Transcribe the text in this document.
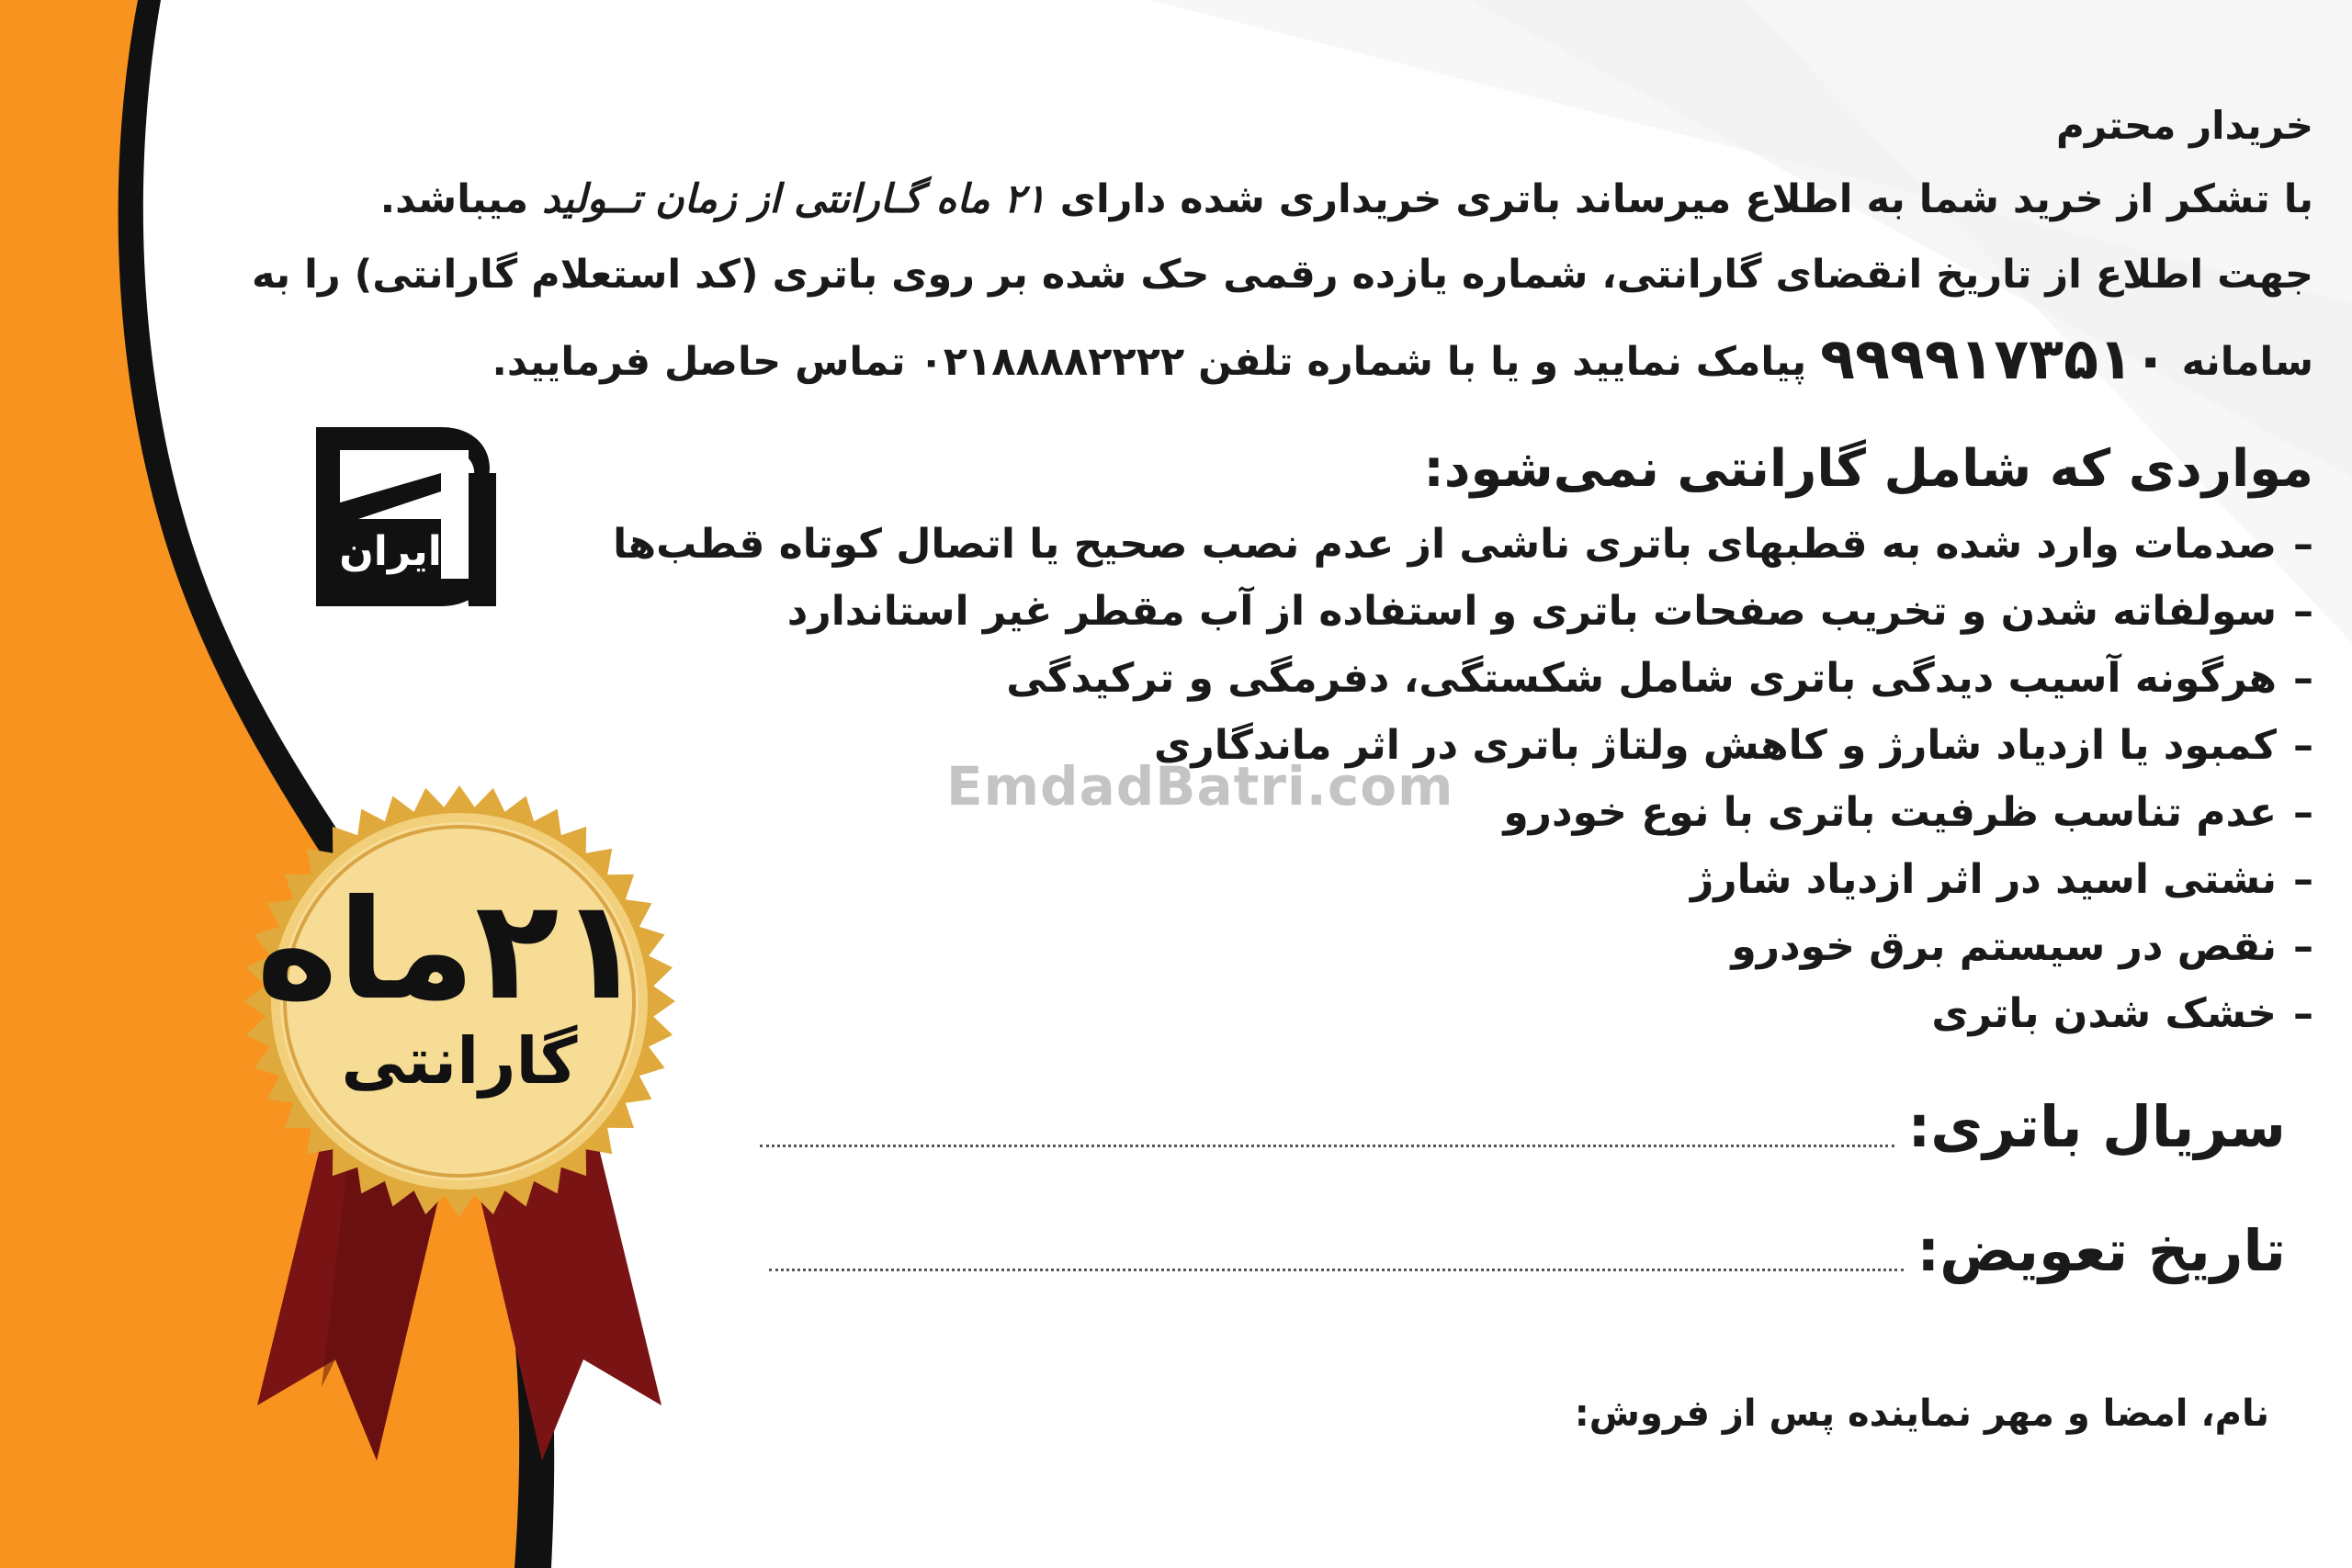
ایران
۲۱ماه
گارانتی
خریدار محترم
با تشکر از خرید شما به اطلاع میرساند باتری خریداری شده دارای ۲۱ ماه گـارانتی از زمان تــولید میباشد.
جهت اطلاع از تاریخ انقضای گارانتی، شماره یازده رقمی حک شده بر روی باتری (کد استعلام گارانتی) را به
سامانه ۹۹۹۹۱۷۳۵۱۰ پیامک نمایید و یا با شماره تلفن ۰۲۱۸۸۸۸۲۲۲۲ تماس حاصل فرمایید.
مواردی که شامل گارانتی نمی‌شود:
–صدمات وارد شده به قطبهای باتری ناشی از عدم نصب صحیح یا اتصال کوتاه قطب‌ها
–سولفاته شدن و تخریب صفحات باتری و استفاده از آب مقطر غیر استاندارد
–هرگونه آسیب دیدگی باتری شامل شکستگی، دفرمگی و ترکیدگی
–کمبود یا ازدیاد شارژ و کاهش ولتاژ باتری در اثر ماندگاری
–عدم تناسب ظرفیت باتری با نوع خودرو
–نشتی اسید در اثر ازدیاد شارژ
–نقص در سیستم برق خودرو
–خشک شدن باتری
EmdadBatri.com
سریال باتری:
تاریخ تعویض:
نام، امضا و مهر نماینده پس از فروش:
